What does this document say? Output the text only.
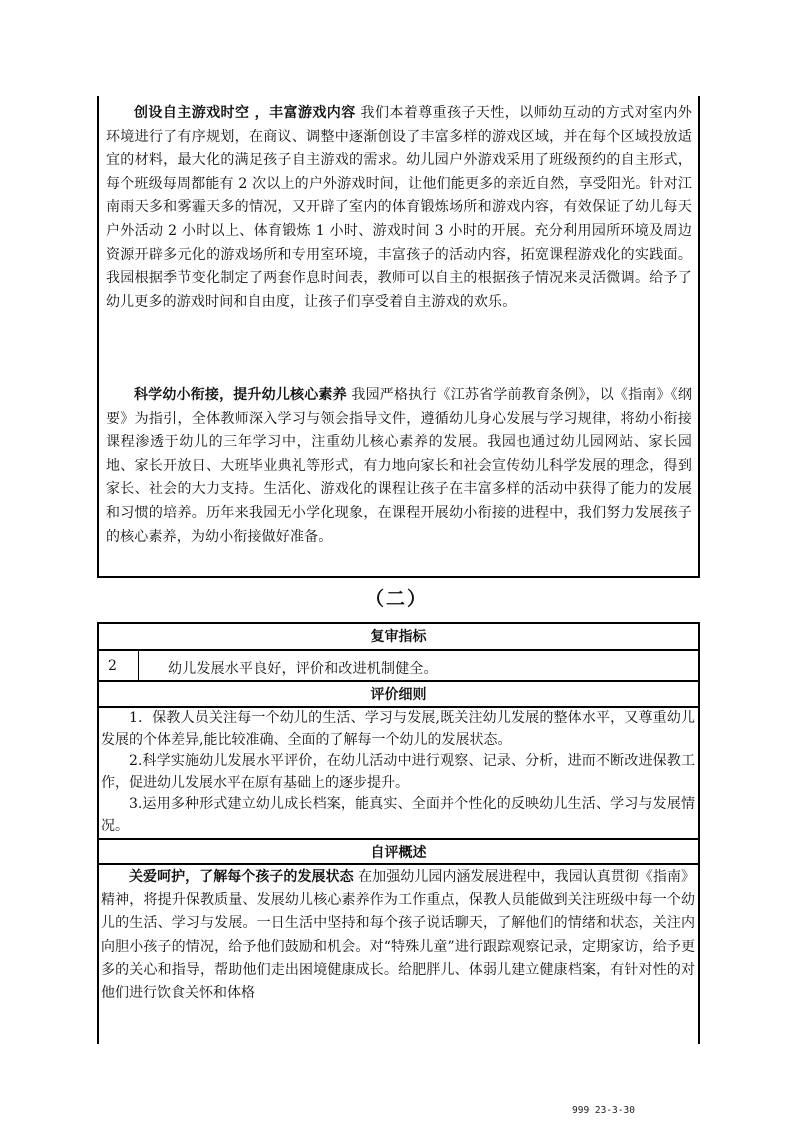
创设自主游戏时空 ，丰富游戏内容 我们本着尊重孩子天性，以师幼互动的方式对室内外环境进行了有序规划，在商议、调整中逐渐创设了丰富多样的游戏区域，并在每个区域投放适宜的材料，最大化的满足孩子自主游戏的需求。幼儿园户外游戏采用了班级预约的自主形式，每个班级每周都能有 2 次以上的户外游戏时间，让他们能更多的亲近自然，享受阳光。针对江南雨天多和雾霾天多的情况，又开辟了室内的体育锻炼场所和游戏内容，有效保证了幼儿每天户外活动 2 小时以上、体育锻炼 1 小时、游戏时间 3 小时的开展。充分利用园所环境及周边资源开辟多元化的游戏场所和专用室环境，丰富孩子的活动内容，拓宽课程游戏化的实践面。我园根据季节变化制定了两套作息时间表，教师可以自主的根据孩子情况来灵活微调。给予了幼儿更多的游戏时间和自由度，让孩子们享受着自主游戏的欢乐。

科学幼小衔接，提升幼儿核心素养 我园严格执行《江苏省学前教育条例》，以《指南》《纲要》为指引，全体教师深入学习与领会指导文件，遵循幼儿身心发展与学习规律，将幼小衔接课程渗透于幼儿的三年学习中，注重幼儿核心素养的发展。我园也通过幼儿园网站、家长园地、家长开放日、大班毕业典礼等形式，有力地向家长和社会宣传幼儿科学发展的理念，得到家长、社会的大力支持。生活化、游戏化的课程让孩子在丰富多样的活动中获得了能力的发展和习惯的培养。历年来我园无小学化现象，在课程开展幼小衔接的进程中，我们努力发展孩子的核心素养，为幼小衔接做好准备。

（二）
复审指标
2	幼儿发展水平良好，评价和改进机制健全。
评价细则

1．保教人员关注每一个幼儿的生活、学习与发展,既关注幼儿发展的整体水平，又尊重幼儿发展的个体差异,能比较准确、全面的了解每一个幼儿的发展状态。

2.科学实施幼儿发展水平评价，在幼儿活动中进行观察、记录、分析，进而不断改进保教工作，促进幼儿发展水平在原有基础上的逐步提升。

3.运用多种形式建立幼儿成长档案，能真实、全面并个性化的反映幼儿生活、学习与发展情况。

自评概述

关爱呵护，了解每个孩子的发展状态 在加强幼儿园内涵发展进程中，我园认真贯彻《指南》精神，将提升保教质量、发展幼儿核心素养作为工作重点，保教人员能做到关注班级中每一个幼儿的生活、学习与发展。一日生活中坚持和每个孩子说话聊天，了解他们的情绪和状态，关注内向胆小孩子的情况，给予他们鼓励和机会。对“特殊儿童”进行跟踪观察记录，定期家访，给予更多的关心和指导，帮助他们走出困境健康成长。给肥胖儿、体弱儿建立健康档案，有针对性的对他们进行饮食关怀和体格

999 23-3-30
